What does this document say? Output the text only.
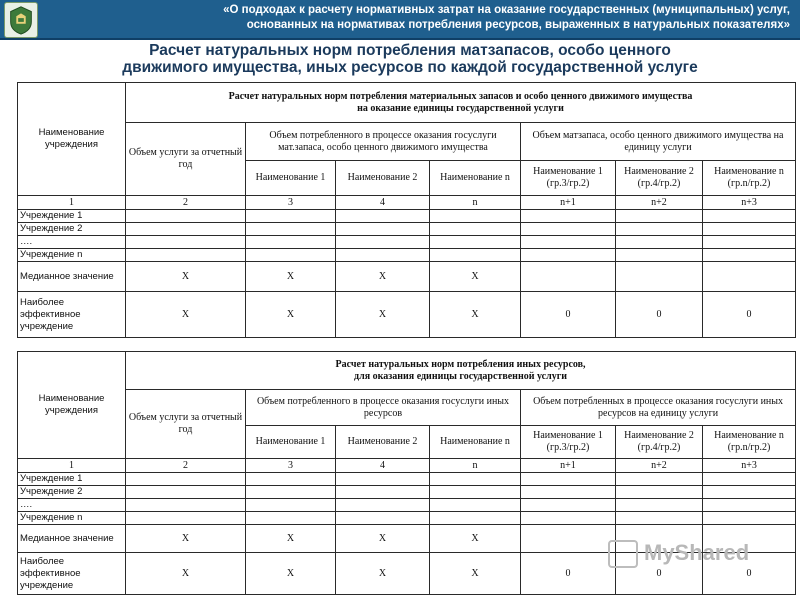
«О подходах к расчету нормативных затрат на оказание государственных (муниципальных) услуг,
основанных на нормативах потребления ресурсов, выраженных в натуральных показателях»
Расчет натуральных норм потребления матзапасов, особо ценного
движимого имущества, иных ресурсов по каждой государственной услуге
Наименование учреждения	Расчет натуральных норм потребления материальных запасов и особо ценного движимого имущества
на оказание единицы государственной услуги						

	Объем услуги за отчетный год	Объем потребленного в процессе оказания госуслуги мат.запаса, особо ценного движимого имущества			Объем матзапаса, особо ценного движимого имущества на единицу услуги		
		Наименование 1	Наименование 2	Наименование n	Наименование 1 (гр.3/гр.2)	Наименование 2 (гр.4/гр.2)	Наименование n (гр.n/гр.2)
1	2	3	4	n	n+1	n+2	n+3
Учреждение 1							
Учреждение 2							
….							
Учреждение n							
Медианное значение	X	X	X	X			
Наиболее эффективное учреждение	X	X	X	X	0	0	0
Наименование учреждения	Расчет натуральных норм потребления иных ресурсов,
для оказания единицы государственной услуги						

	Объем услуги за отчетный год	Объем потребленного в процессе оказания госуслуги иных ресурсов			Объем потребленных в процессе оказания госуслуги иных ресурсов на единицу услуги		
		Наименование 1	Наименование 2	Наименование n	Наименование 1 (гр.3/гр.2)	Наименование 2 (гр.4/гр.2)	Наименование n (гр.n/гр.2)
1	2	3	4	n	n+1	n+2	n+3
Учреждение 1							
Учреждение 2							
….							
Учреждение n							
Медианное значение	X	X	X	X			
Наиболее эффективное учреждение	X	X	X	X	0	0	0
MyShared
